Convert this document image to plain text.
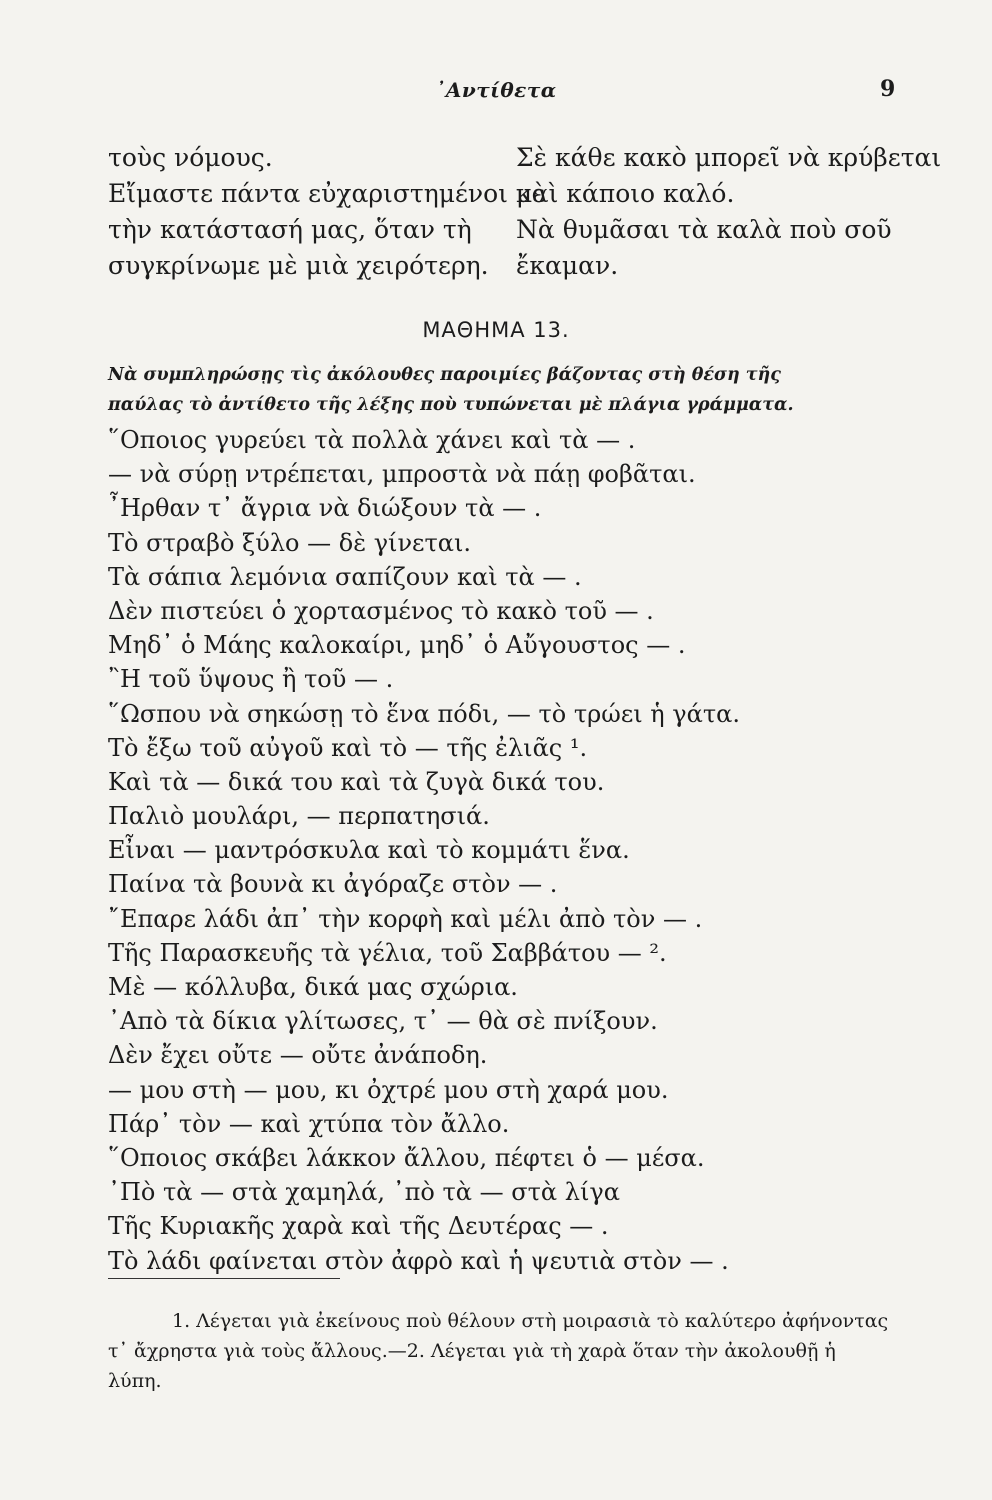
᾿Αντίθετα	9
τοὺς νόμους.
Εἴμαστε πάντα εὐχαριστημένοι μὲ
τὴν κατάστασή μας, ὅταν τὴ
συγκρίνωμε μὲ μιὰ χειρότερη.
Σὲ κάθε κακὸ μπορεῖ νὰ κρύβεται
καὶ κάποιο καλό.
Νὰ θυμᾶσαι τὰ καλὰ ποὺ σοῦ
ἔκαμαν.
ΜΑΘΗΜΑ 13.
Νὰ συμπληρώσῃς τὶς ἀκόλουθες παροιμίες βάζοντας στὴ θέση τῆς
παύλας τὸ ἀντίθετο τῆς λέξης ποὺ τυπώνεται μὲ πλάγια γράμματα.
῞Οποιος γυρεύει τὰ πολλὰ χάνει καὶ τὰ — .
— νὰ σύρῃ ντρέπεται, μπροστὰ νὰ πάῃ φοβᾶται.
῏Ηρθαν τ᾿ ἄγρια νὰ διώξουν τὰ — .
Τὸ στραβὸ ξύλο — δὲ γίνεται.
Τὰ σάπια λεμόνια σαπίζουν καὶ τὰ — .
Δὲν πιστεύει ὁ χορτασμένος τὸ κακὸ τοῦ — .
Μηδ᾿ ὁ Μάης καλοκαίρι, μηδ᾿ ὁ Αὔγουστος — .
῍Η τοῦ ὕψους ἢ τοῦ — .
῞Ωσπου νὰ σηκώσῃ τὸ ἕνα πόδι, — τὸ τρώει ἡ γάτα.
Τὸ ἔξω τοῦ αὐγοῦ καὶ τὸ — τῆς ἐλιᾶς ¹.
Καὶ τὰ — δικά του καὶ τὰ ζυγὰ δικά του.
Παλιὸ μουλάρι, — περπατησιά.
Εἶναι — μαντρόσκυλα καὶ τὸ κομμάτι ἕνα.
Παίνα τὰ βουνὰ κι ἀγόραζε στὸν — .
῎Επαρε λάδι ἀπ᾿ τὴν κορφὴ καὶ μέλι ἀπὸ τὸν — .
Τῆς Παρασκευῆς τὰ γέλια, τοῦ Σαββάτου — ².
Μὲ — κόλλυβα, δικά μας σχώρια.
᾿Απὸ τὰ δίκια γλίτωσες, τ᾿ — θὰ σὲ πνίξουν.
Δὲν ἔχει οὔτε — οὔτε ἀνάποδη.
— μου στὴ — μου, κι ὀχτρέ μου στὴ χαρά μου.
Πάρ᾿ τὸν — καὶ χτύπα τὸν ἄλλο.
῞Οποιος σκάβει λάκκον ἄλλου, πέφτει ὁ — μέσα.
᾿Πὸ τὰ — στὰ χαμηλά, ᾿πὸ τὰ — στὰ λίγα
Τῆς Κυριακῆς χαρὰ καὶ τῆς Δευτέρας — .
Τὸ λάδι φαίνεται στὸν ἀφρὸ καὶ ἡ ψευτιὰ στὸν — .
1. Λέγεται γιὰ ἐκείνους ποὺ θέλουν στὴ μοιρασιὰ τὸ καλύτερο ἀφήνοντας
τ᾿ ἄχρηστα γιὰ τοὺς ἄλλους.—2. Λέγεται γιὰ τὴ χαρὰ ὅταν τὴν ἀκολουθῇ ἡ
λύπη.
